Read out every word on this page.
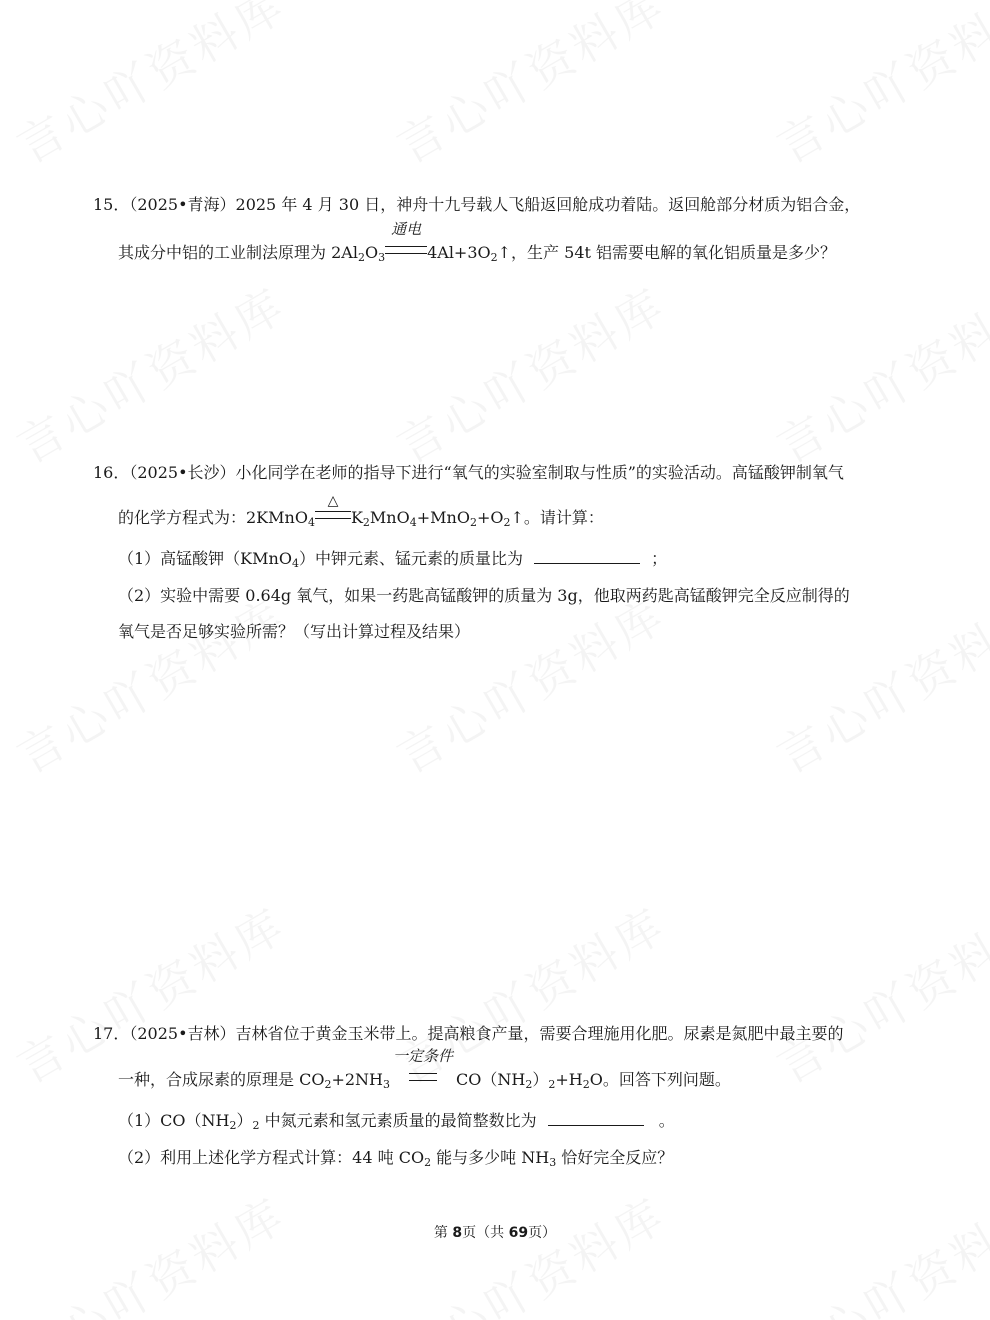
15．（2025•青海）2025 年 4 月 30 日，神舟十九号载人飞船返回舱成功着陆。返回舱部分材质为铝合金，
其成分中铝的工业制法原理为 $2Al_2O_3$
通电
$4Al+3O_2↑$，生产 54t 铝需要电解的氧化铝质量是多少？
16．（2025•长沙）小化同学在老师的指导下进行“氧气的实验室制取与性质”的实验活动。高锰酸钾制氧气
的化学方程式为：2KMnO$_4$
△
$K_2MnO_4+MnO_2+O_2↑$。请计算：
（1）高锰酸钾（KMnO$_4$）中钾元素、锰元素的质量比为	；
（2）实验中需要 0.64g 氧气，如果一药匙高锰酸钾的质量为 3g，他取两药匙高锰酸钾完全反应制得的
氧气是否足够实验所需？（写出计算过程及结果）
17．（2025•吉林）吉林省位于黄金玉米带上。提高粮食产量，需要合理施用化肥。尿素是氮肥中最主要的
一种，合成尿素的原理是 $CO_2+2NH_3$
一定条件
$CO(NH_2)_2+H_2O$。回答下列问题。
$(1)CO(NH_2)_2$ 中氮元素和氢元素质量的最简整数比为	。
（2）利用上述化学方程式计算：44 吨 $CO_2$ 能与多少吨 $NH_3$ 恰好完全反应？
第 8页（共 69页）
